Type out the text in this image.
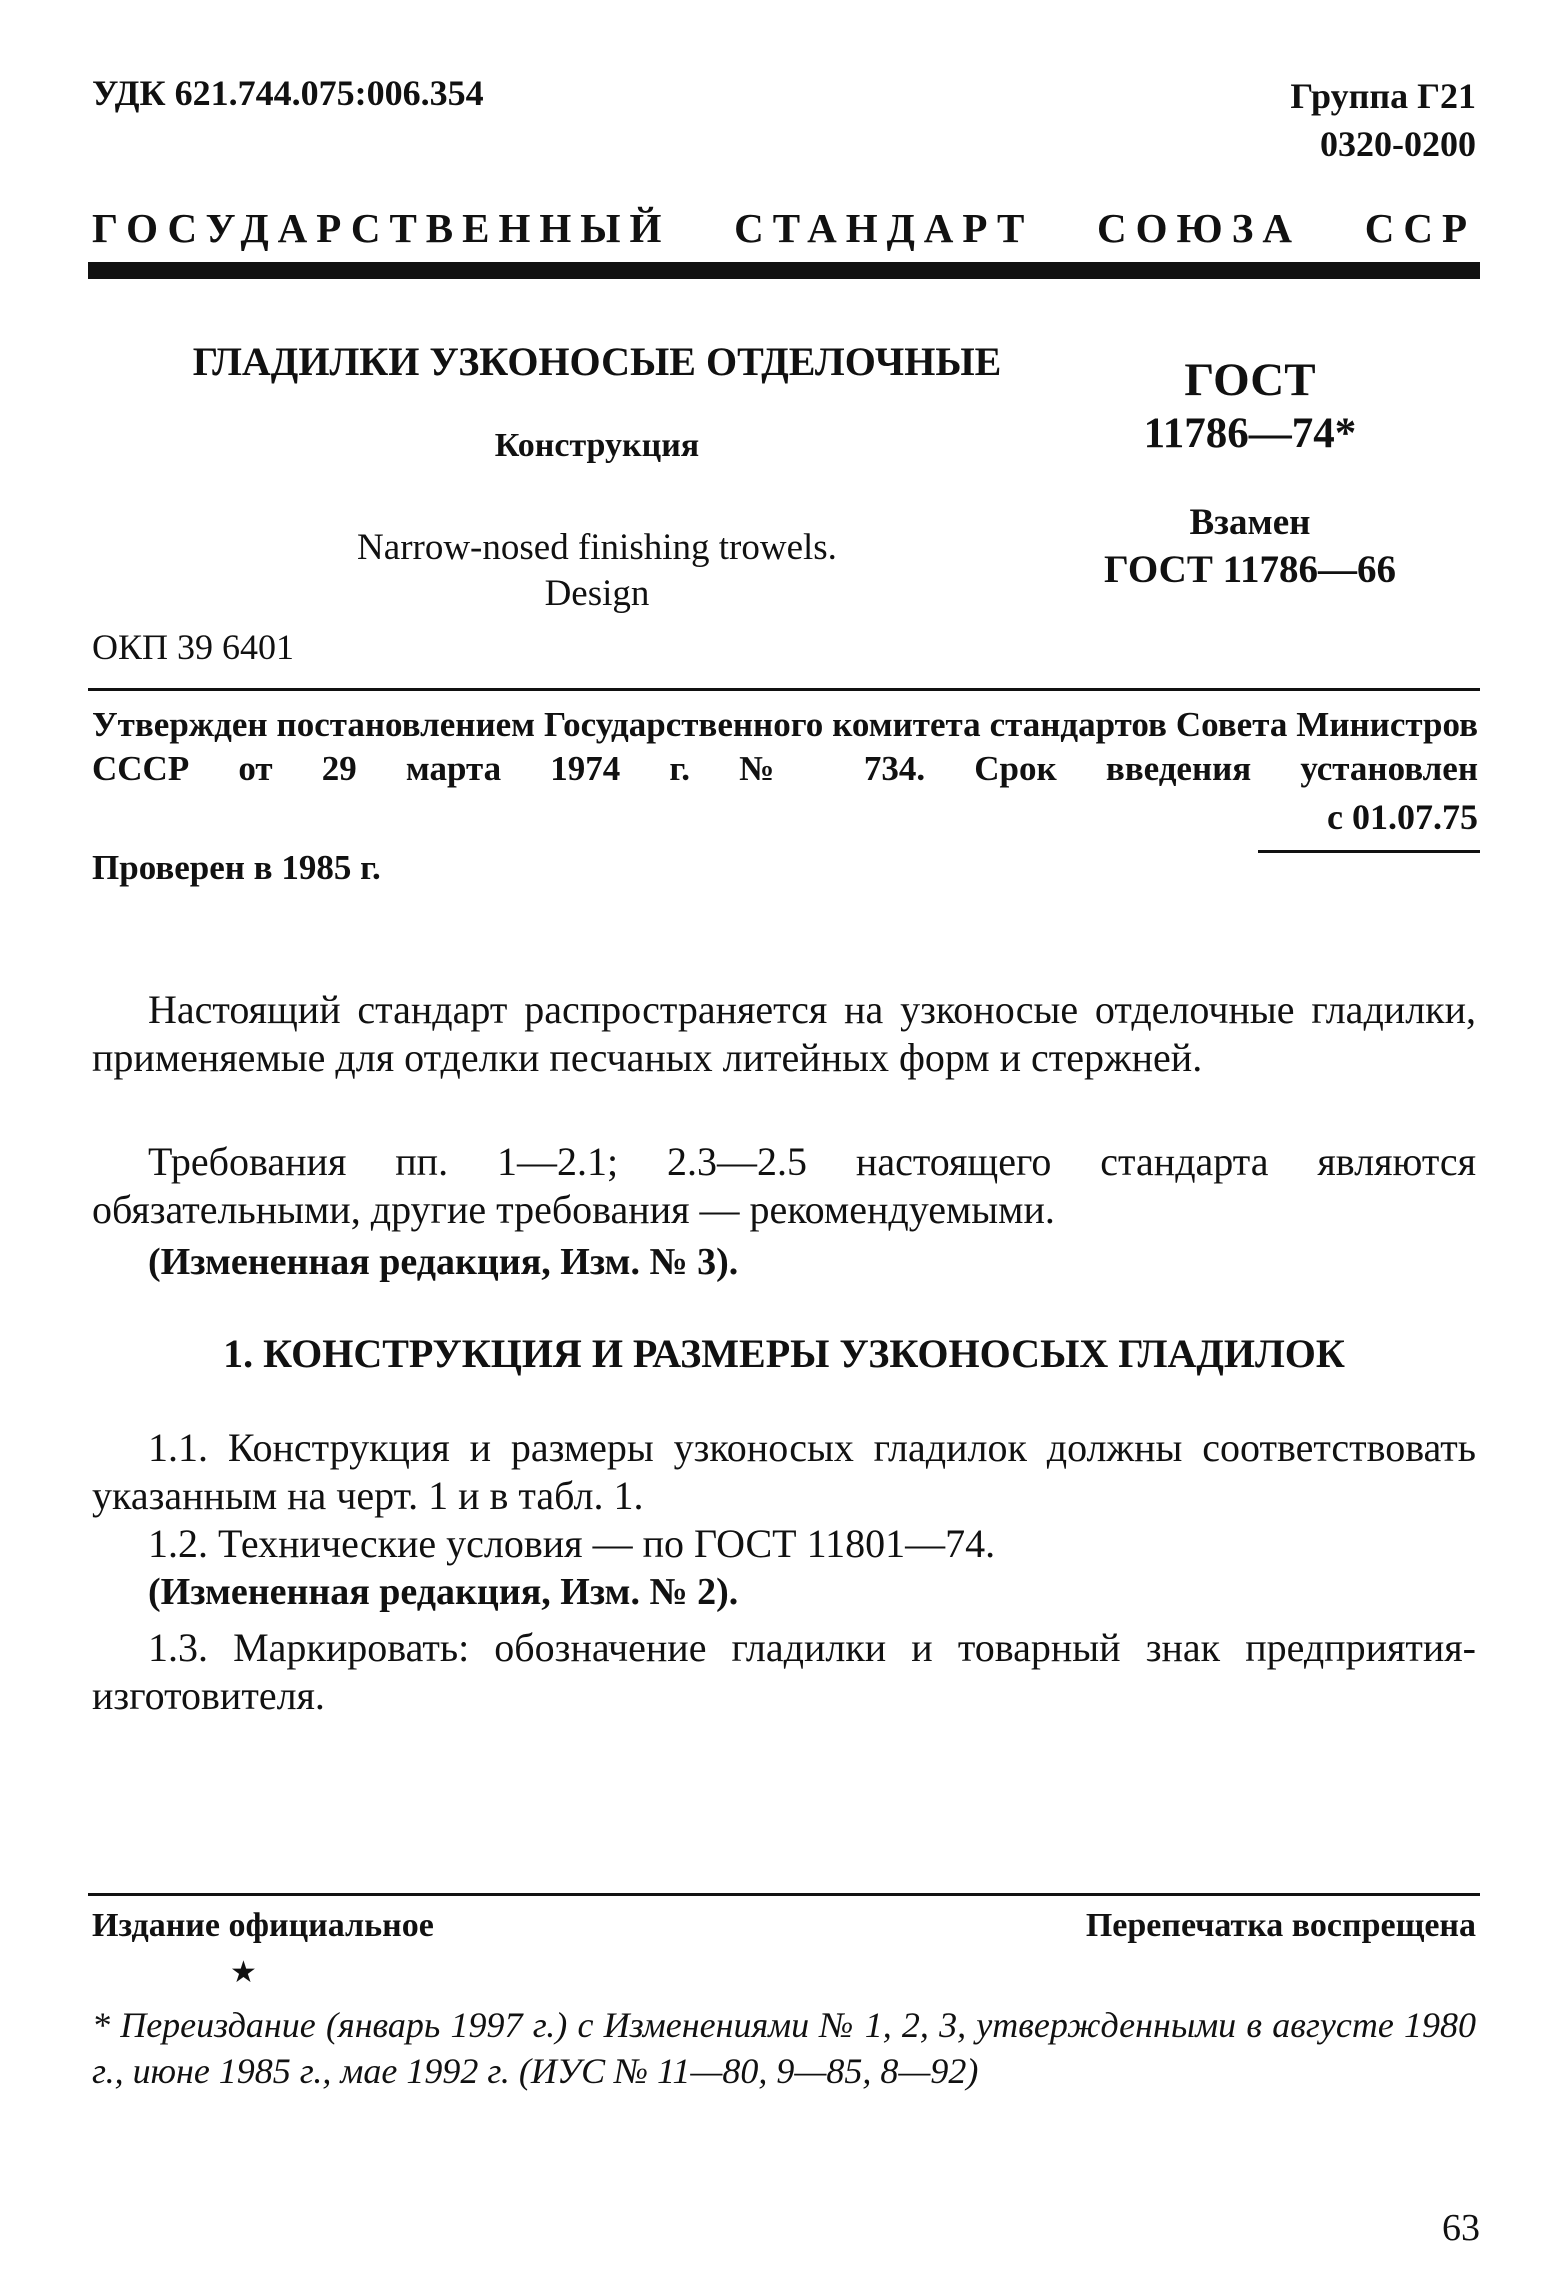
УДК 621.744.075:006.354	Группа Г21
0320-0200

ГОСУДАРСТВЕННЫЙ СТАНДАРТ СОЮЗА ССР

ГЛАДИЛКИ УЗКОНОСЫЕ ОТДЕЛОЧНЫЕ

Конструкция

Narrow-nosed finishing trowels.
Design

ГОСТ

11786—74*

Взамен

ГОСТ 11786—66

ОКП 39 6401

Утвержден постановлением Государственного комитета стандартов Совета Министров СССР от 29 марта 1974 г. № 734. Срок введения установлен

с 01.07.75

Проверен в 1985 г.

Настоящий стандарт распространяется на узконосые отделочные гладилки, применяемые для отделки песчаных литейных форм и стержней.

Требования пп. 1—2.1; 2.3—2.5 настоящего стандарта являются обязательными, другие требования — рекомендуемыми.

(Измененная редакция, Изм. № 3).

1. КОНСТРУКЦИЯ И РАЗМЕРЫ УЗКОНОСЫХ ГЛАДИЛОК

1.1. Конструкция и размеры узконосых гладилок должны соответствовать указанным на черт. 1 и в табл. 1.

1.2. Технические условия — по ГОСТ 11801—74.

(Измененная редакция, Изм. № 2).

1.3. Маркировать: обозначение гладилки и товарный знак предприятия-изготовителя.

Издание официальное	Перепечатка воспрещена

★

* Переиздание (январь 1997 г.) с Изменениями № 1, 2, 3, утвержденными в августе 1980 г., июне 1985 г., мае 1992 г. (ИУС № 11—80, 9—85, 8—92)

63
